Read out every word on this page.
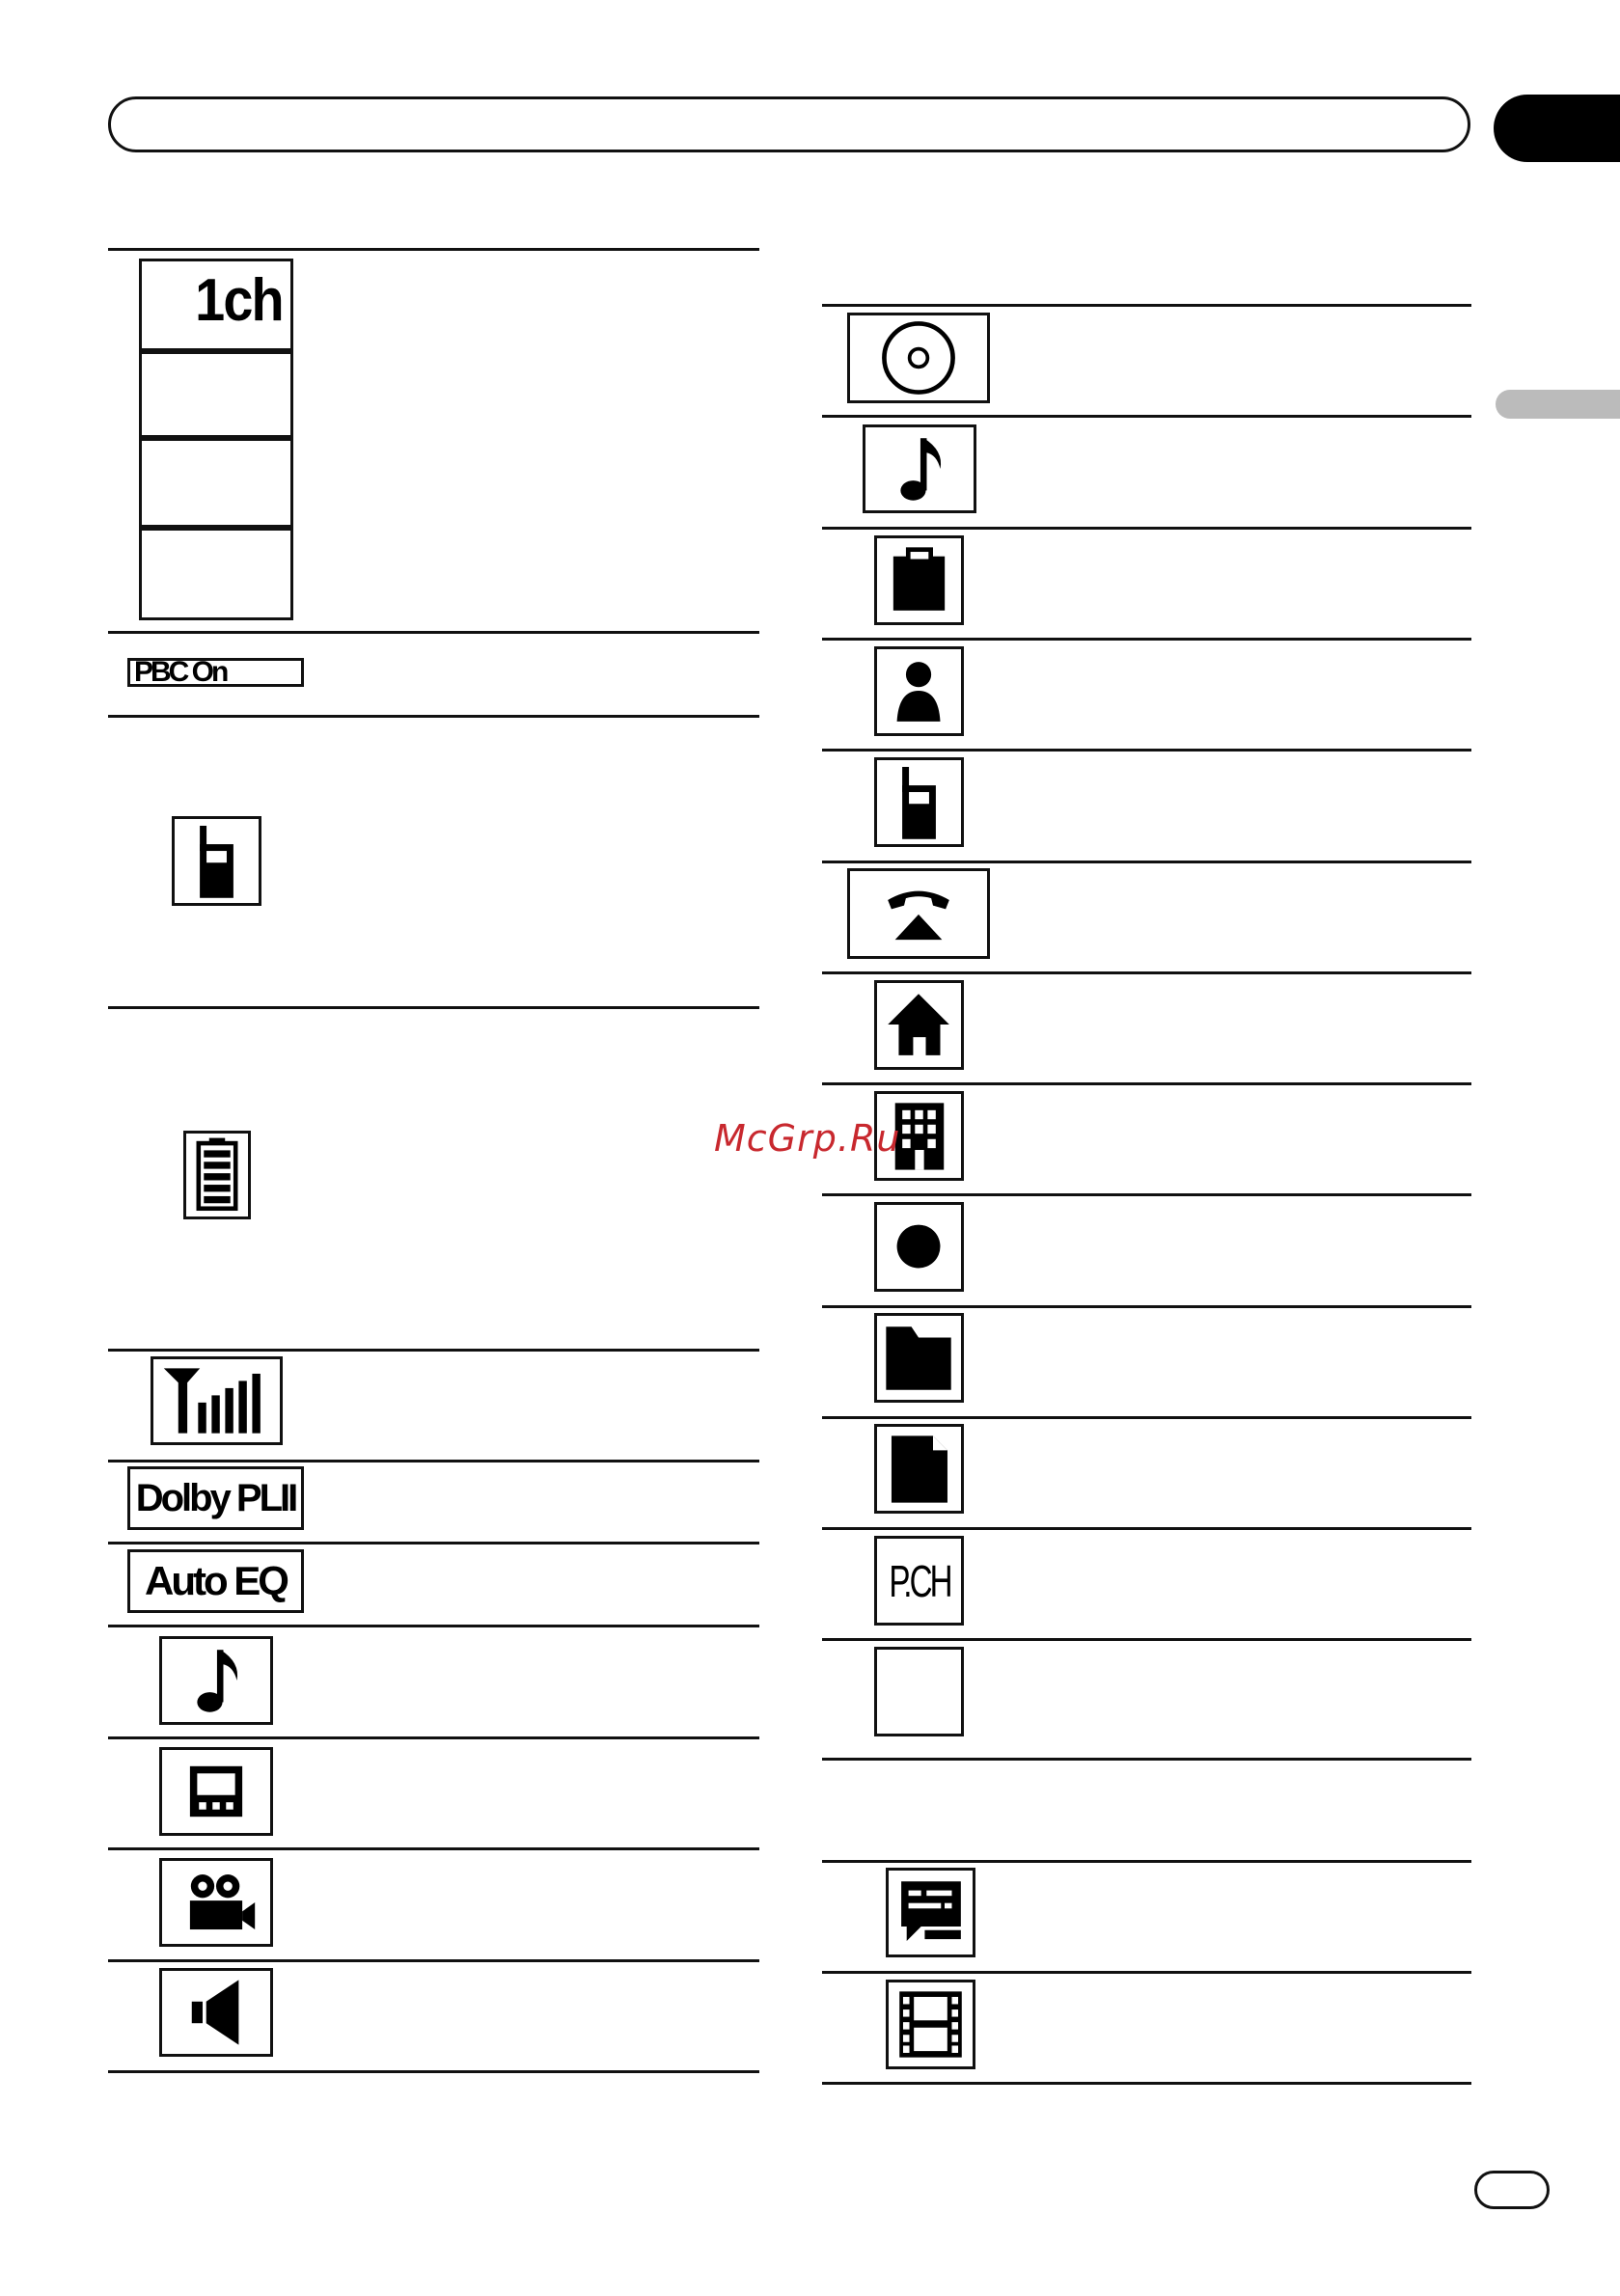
1ch
PBC On
Dolby PLII
Auto EQ	P.CH
McGrp.Ru
